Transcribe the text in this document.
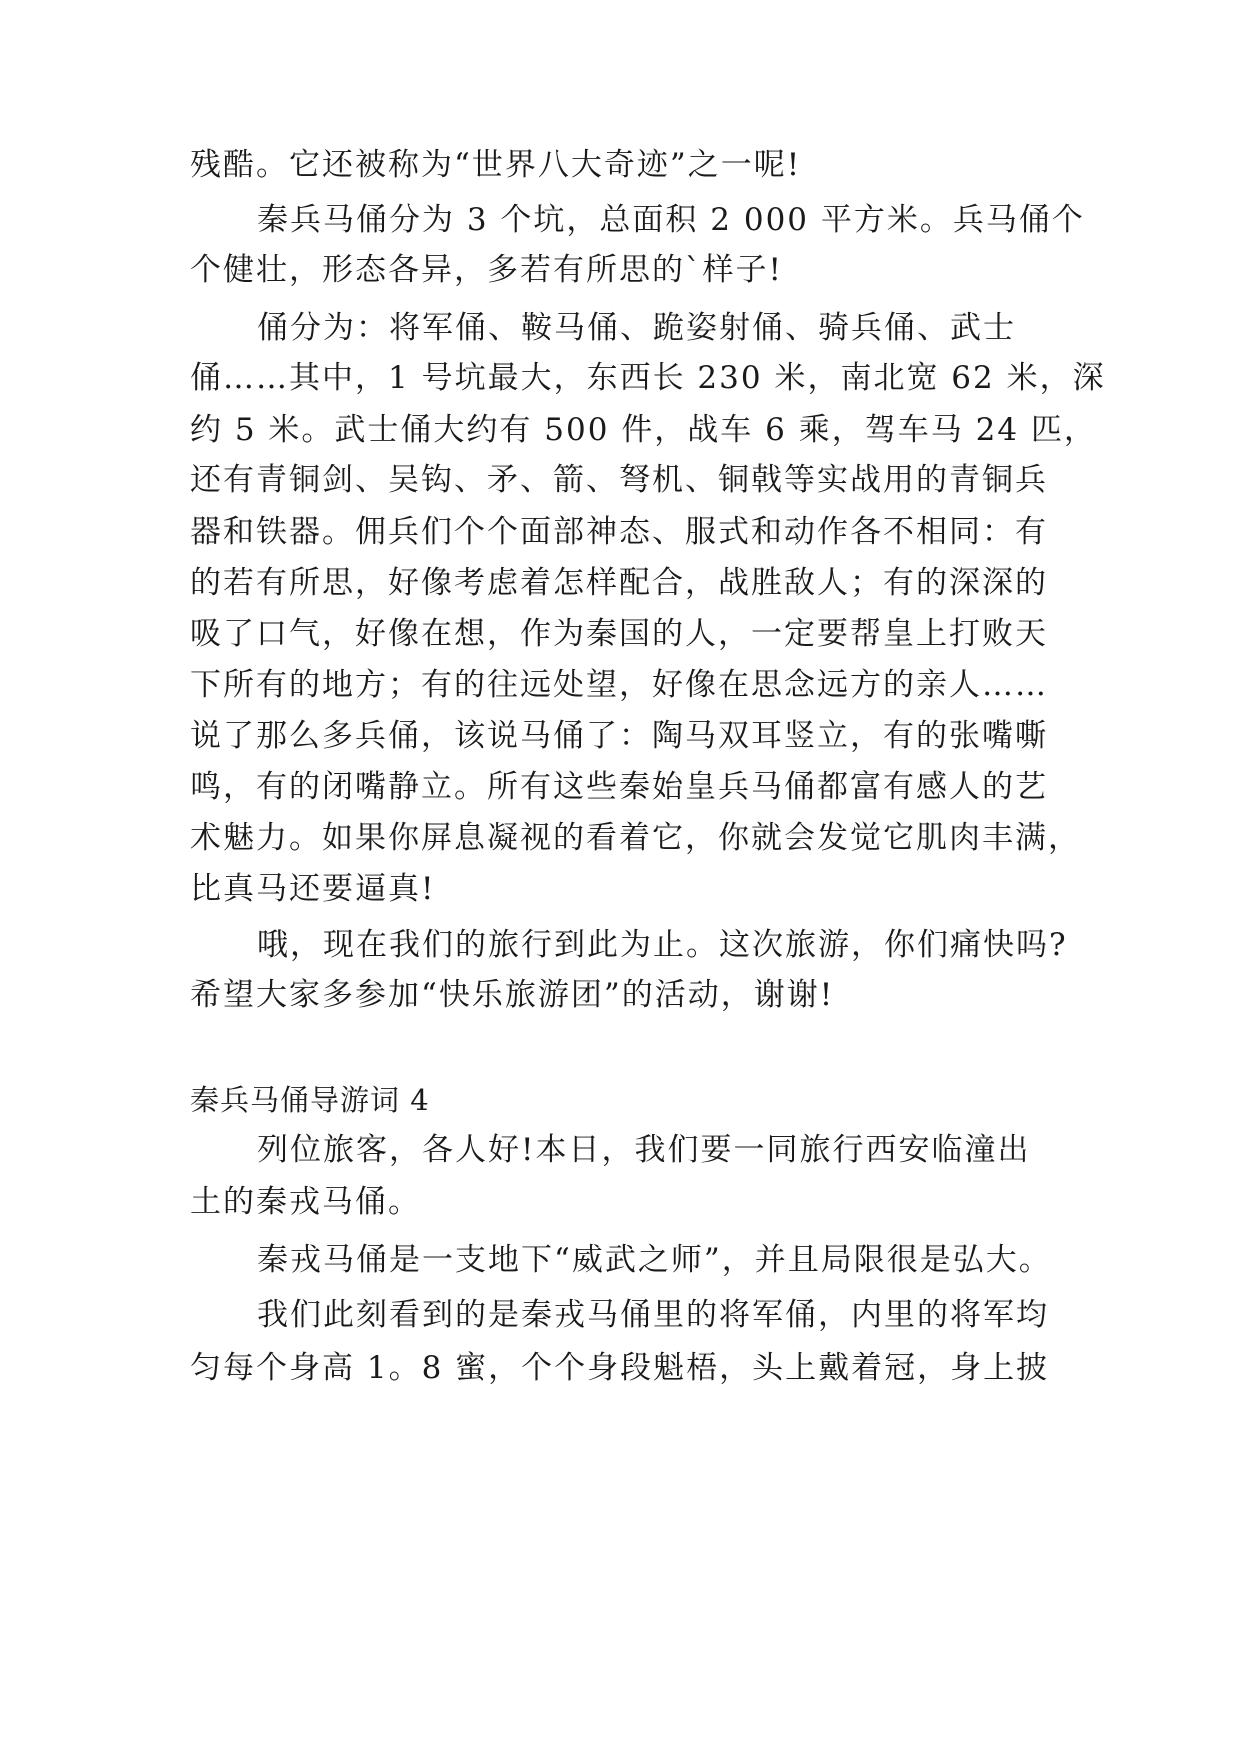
残酷。它还被称为“世界八大奇迹”之一呢!
秦兵马俑分为 3 个坑，总面积 2 000 平方米。兵马俑个
个健壮，形态各异，多若有所思的`样子!
俑分为：将军俑、鞍马俑、跪姿射俑、骑兵俑、武士
俑……其中，1 号坑最大，东西长 230 米，南北宽 62 米，深
约 5 米。武士俑大约有 500 件，战车 6 乘，驾车马 24 匹，
还有青铜剑、吴钩、矛、箭、弩机、铜戟等实战用的青铜兵
器和铁器。佣兵们个个面部神态、服式和动作各不相同：有
的若有所思，好像考虑着怎样配合，战胜敌人；有的深深的
吸了口气，好像在想，作为秦国的人，一定要帮皇上打败天
下所有的地方；有的往远处望，好像在思念远方的亲人……
说了那么多兵俑，该说马俑了：陶马双耳竖立，有的张嘴嘶
鸣，有的闭嘴静立。所有这些秦始皇兵马俑都富有感人的艺
术魅力。如果你屏息凝视的看着它，你就会发觉它肌肉丰满，
比真马还要逼真!
哦，现在我们的旅行到此为止。这次旅游，你们痛快吗?
希望大家多参加“快乐旅游团”的活动，谢谢!
秦兵马俑导游词 4
列位旅客，各人好!本日，我们要一同旅行西安临潼出
土的秦戎马俑。
秦戎马俑是一支地下“威武之师”，并且局限很是弘大。
我们此刻看到的是秦戎马俑里的将军俑，内里的将军均
匀每个身高 1。8 蜜，个个身段魁梧，头上戴着冠，身上披
